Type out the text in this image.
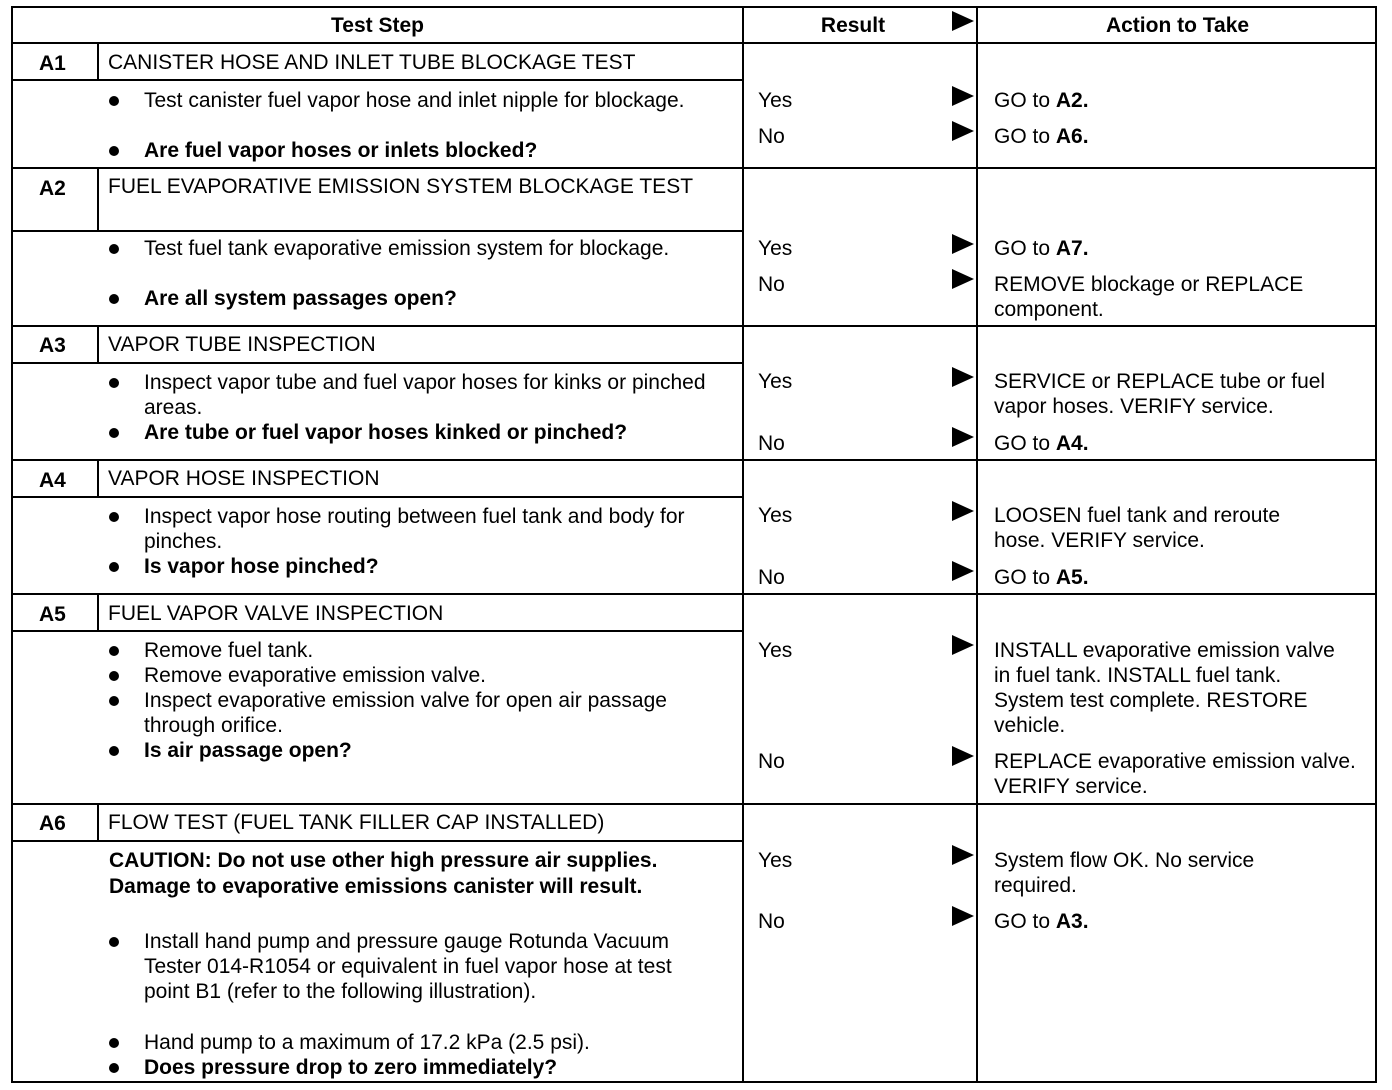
Test Step	Result	Action to Take
A1 CANISTER HOSE AND INLET TUBE BLOCKAGE TEST
Test canister fuel vapor hose and inlet nipple for blockage.
Are fuel vapor hoses or inlets blocked?
Yes	GO to A2.
No	GO to A6.
A2 FUEL EVAPORATIVE EMISSION SYSTEM BLOCKAGE TEST
Test fuel tank evaporative emission system for blockage.
Are all system passages open?
Yes	GO to A7.
No	REMOVE blockage or REPLACE component.
A3 VAPOR TUBE INSPECTION
Inspect vapor tube and fuel vapor hoses for kinks or pinched areas.
Are tube or fuel vapor hoses kinked or pinched?
Yes	SERVICE or REPLACE tube or fuel vapor hoses. VERIFY service.
No	GO to A4.
A4 VAPOR HOSE INSPECTION
Inspect vapor hose routing between fuel tank and body for pinches.
Is vapor hose pinched?
Yes	LOOSEN fuel tank and reroute hose. VERIFY service.
No	GO to A5.
A5 FUEL VAPOR VALVE INSPECTION
Remove fuel tank.
Remove evaporative emission valve.
Inspect evaporative emission valve for open air passage through orifice.
Is air passage open?
Yes	INSTALL evaporative emission valve in fuel tank. INSTALL fuel tank. System test complete. RESTORE vehicle.
No	REPLACE evaporative emission valve. VERIFY service.
A6 FLOW TEST (FUEL TANK FILLER CAP INSTALLED)
CAUTION: Do not use other high pressure air supplies. Damage to evaporative emissions canister will result.
Install hand pump and pressure gauge Rotunda Vacuum Tester 014-R1054 or equivalent in fuel vapor hose at test point B1 (refer to the following illustration).
Hand pump to a maximum of 17.2 kPa (2.5 psi).
Does pressure drop to zero immediately?
Yes	System flow OK. No service required.
No	GO to A3.
